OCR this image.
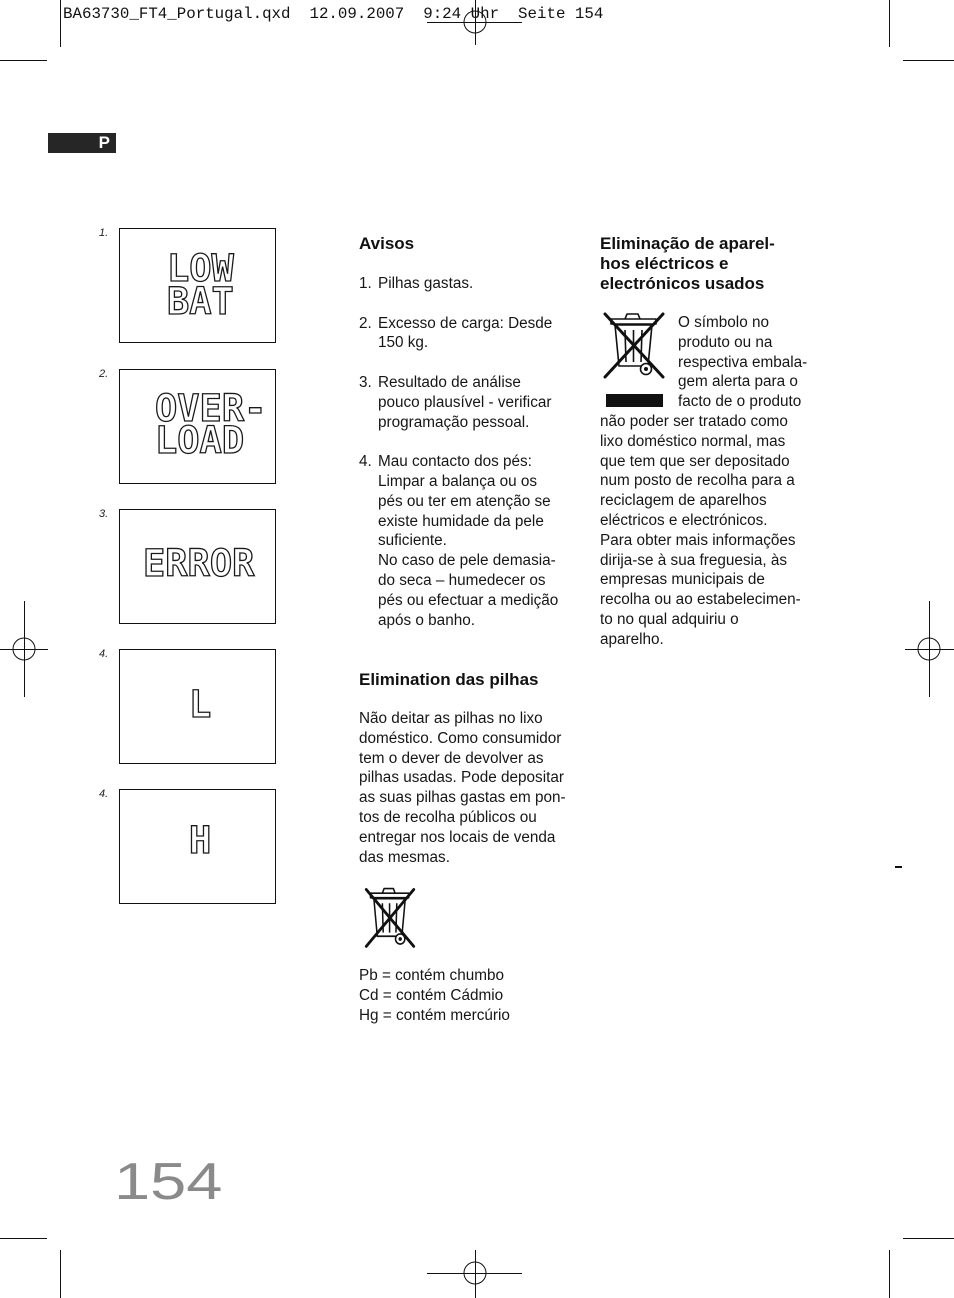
BA63730_FT4_Portugal.qxd  12.09.2007  9:24 Uhr  Seite 154
P
1.
LOW
BAT
2.
OVER-
LOAD
3.
ERROR
4.
L
4.
H
Avisos
1. Pilhas gastas.
2. Excesso de carga: Desde
150 kg.
3. Resultado de análise
pouco plausível - verificar
programação pessoal.
4. Mau contacto dos pés:
Limpar a balança ou os
pés ou ter em atenção se
existe humidade da pele
suficiente.
No caso de pele demasia-
do seca – humedecer os
pés ou efectuar a medição
após o banho.
Elimination das pilhas
Não deitar as pilhas no lixo
doméstico. Como consumidor
tem o dever de devolver as
pilhas usadas. Pode depositar
as suas pilhas gastas em pon-
tos de recolha públicos ou
entregar nos locais de venda
das mesmas.
Pb = contém chumbo
Cd = contém Cádmio
Hg = contém mercúrio
Eliminação de aparel-
hos eléctricos e
electrónicos usados
O símbolo no
produto ou na
respectiva embala-
gem alerta para o
facto de o produto
não poder ser tratado como
lixo doméstico normal, mas
que tem que ser depositado
num posto de recolha para a
reciclagem de aparelhos
eléctricos e electrónicos.
Para obter mais informações
dirija-se à sua freguesia, às
empresas municipais de
recolha ou ao estabelecimen-
to no qual adquiriu o
aparelho.
154
